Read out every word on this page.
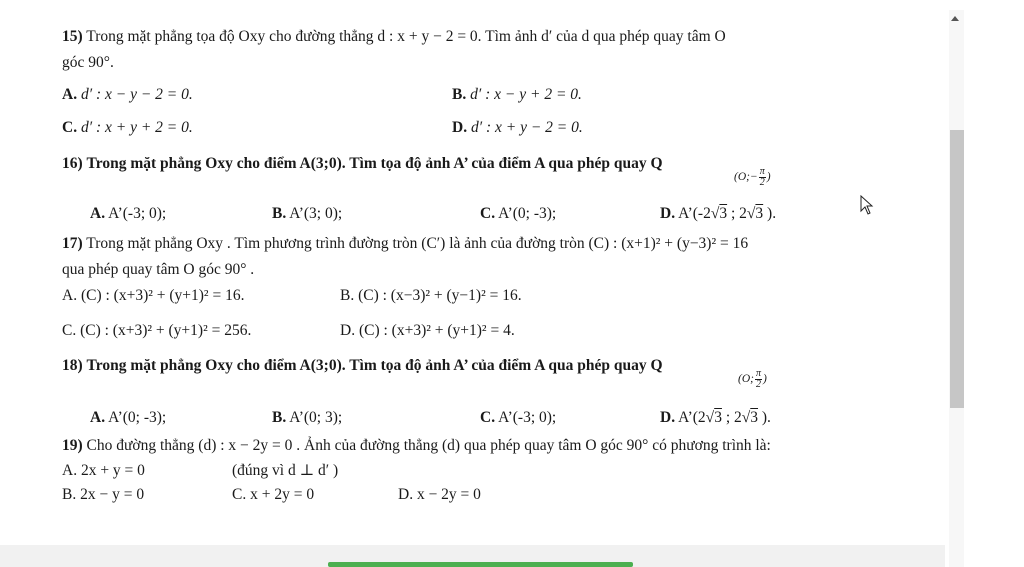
15) Trong mặt phẳng tọa độ Oxy cho đường thẳng d : x + y − 2 = 0. Tìm ảnh d′ của d qua phép quay tâm O
góc 90°.
A. d′ : x − y − 2 = 0.	B. d′ : x − y + 2 = 0.
C. d′ : x + y + 2 = 0.	D. d′ : x + y − 2 = 0.
16) Trong mặt phẳng Oxy cho điểm A(3;0). Tìm tọa độ ảnh A’ của điểm A qua phép quay Q
(O;− $\frac{\pi}{2}$ )
A. A’(-3; 0);	B. A’(3; 0);	C. A’(0; -3);	D. A’(-2√3 ; 2√3 ).
17) Trong mặt phẳng Oxy . Tìm phương trình đường tròn (C′) là ảnh của đường tròn (C) : (x+1)² + (y−3)² = 16
qua phép quay tâm O góc 90° .
A. (C) : (x+3)² + (y+1)² = 16.	B. (C) : (x−3)² + (y−1)² = 16.
C. (C) : (x+3)² + (y+1)² = 256.	D. (C) : (x+3)² + (y+1)² = 4.
18) Trong mặt phẳng Oxy cho điểm A(3;0). Tìm tọa độ ảnh A’ của điểm A qua phép quay Q
(O; $\frac{\pi}{2}$ )
A. A’(0; -3);	B. A’(0; 3);	C. A’(-3; 0);	D. A’(2√3 ; 2√3 ).
19) Cho đường thẳng (d) : x − 2y = 0 . Ảnh của đường thẳng (d) qua phép quay tâm O góc 90° có phương trình là:
A. 2x + y = 0	(đúng vì d ⊥ d′ )
B. 2x − y = 0	C. x + 2y = 0	D. x − 2y = 0
